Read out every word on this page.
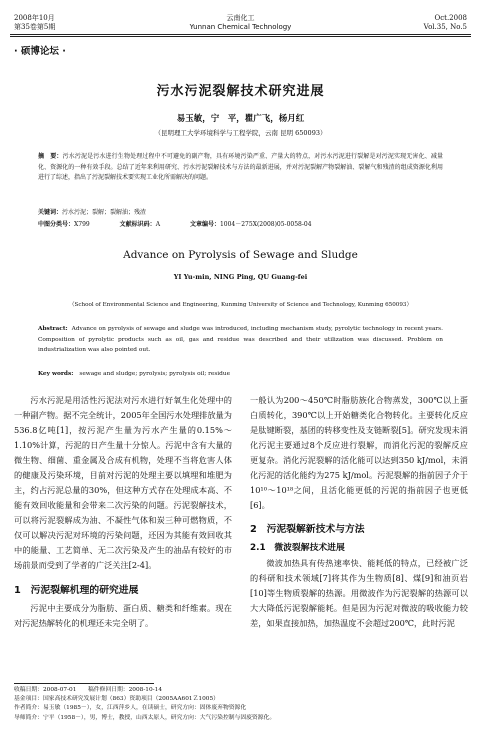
2008年10月
第35卷第5期
云南化工
Yunnan Chemical Technology
Oct.2008
Vol.35, No.5
· 硕博论坛 ·
污水污泥裂解技术研究进展
易玉敏，宁　平，瞿广飞，杨月红
（昆明理工大学环境科学与工程学院，云南 昆明 650093）
摘　要：污水污泥是污水进行生物处理过程中不可避免的副产物，具有环境污染严重、产量大的特点，对污水污泥进行裂解是对污泥实现无害化、减量化、资源化的一种有效手段。总结了近年来利用研究、污水污泥裂解技术与方法的最新进展，并对污泥裂解产物裂解油、裂解气和残渣的组成资源化利用进行了综述，指出了污泥裂解技术要实现工业化所需解决的问题。
关键词：污水污泥；裂解；裂解油；残渣
中图分类号：X799	文献标识码：A	文章编号：1004－275X(2008)05-0058-04
Advance on Pyrolysis of Sewage and Sludge
YI Yu-min, NING Ping, QU Guang-fei
（School of Environmental Science and Engineering, Kunming University of Science and Technology, Kunming 650093）
Abstract: Advance on pyrolysis of sewage and sludge was introduced, including mechanism study, pyrolytic technology in recent years. Composition of pyrolytic products such as oil, gas and residue was described and their utilization was discussed. Problem on industrialization was also pointed out.
Key words: sewage and sludge; pyrolysis; pyrolysis oil; residue

污水污泥是用活性污泥法对污水进行好氧生化处理中的一种副产物。据不完全统计，2005年全国污水处理排放量为536.8亿吨[1]，按污泥产生量为污水产生量的0.15%～1.10%计算，污泥的日产生量十分惊人。污泥中含有大量的微生物、细菌、重金属及合成有机物，处理不当将危害人体的健康及污染环境，目前对污泥的处理主要以填埋和堆肥为主，约占污泥总量的30%，但这种方式存在处理成本高、不能有效回收能量和会带来二次污染的问题。污泥裂解技术，可以将污泥裂解成为油、不凝性气体和炭三种可燃物质，不仅可以解决污泥对环境的污染问题，还因为其能有效回收其中的能量、工艺简单、无二次污染及产生的油品有较好的市场前景而受到了学者的广泛关注[2-4]。

1　污泥裂解机理的研究进展

污泥中主要成分为脂肪、蛋白质、糖类和纤维素。现在对污泥热解转化的机理还未完全明了。

一般认为200～450℃时脂肪族化合物蒸发，300℃以上蛋白质转化，390℃以上开始糖类化合物转化。主要转化反应是肽键断裂，基团的转移变性及支链断裂[5]。研究发现未消化污泥主要通过8个反应进行裂解，而消化污泥的裂解反应更复杂。消化污泥裂解的活化能可以达到350 kJ/mol，未消化污泥的活化能约为275 kJ/mol。污泥裂解的指前因子介于10¹⁰～10¹⁸之间，且活化能更低的污泥的指前因子也更低[6]。

2　污泥裂解新技术与方法
2.1　微波裂解技术进展

微波加热具有传热速率快、能耗低的特点，已经被广泛的科研和技术领域[7]将其作为生物质[8]、煤[9]和油页岩[10]等生物质裂解的热源。用微波作为污泥裂解的热源可以大大降低污泥裂解能耗。但是因为污泥对微波的吸收能力较差，如果直接加热，加热温度不会超过200℃，此时污泥

收稿日期：2008-07-01　　稿件修回日期：2008-10-14
基金项目：国家高技术研究发展计划（863）资助项目（2005AA601Ｚ1005）
作者简介：易玉敏（1985－），女，江西萍乡人，在读硕士，研究方向：固体废弃物资源化
导师简介：宁平（1958－），男，博士，教授，山西太原人，研究方向：大气污染控制与固废资源化。
